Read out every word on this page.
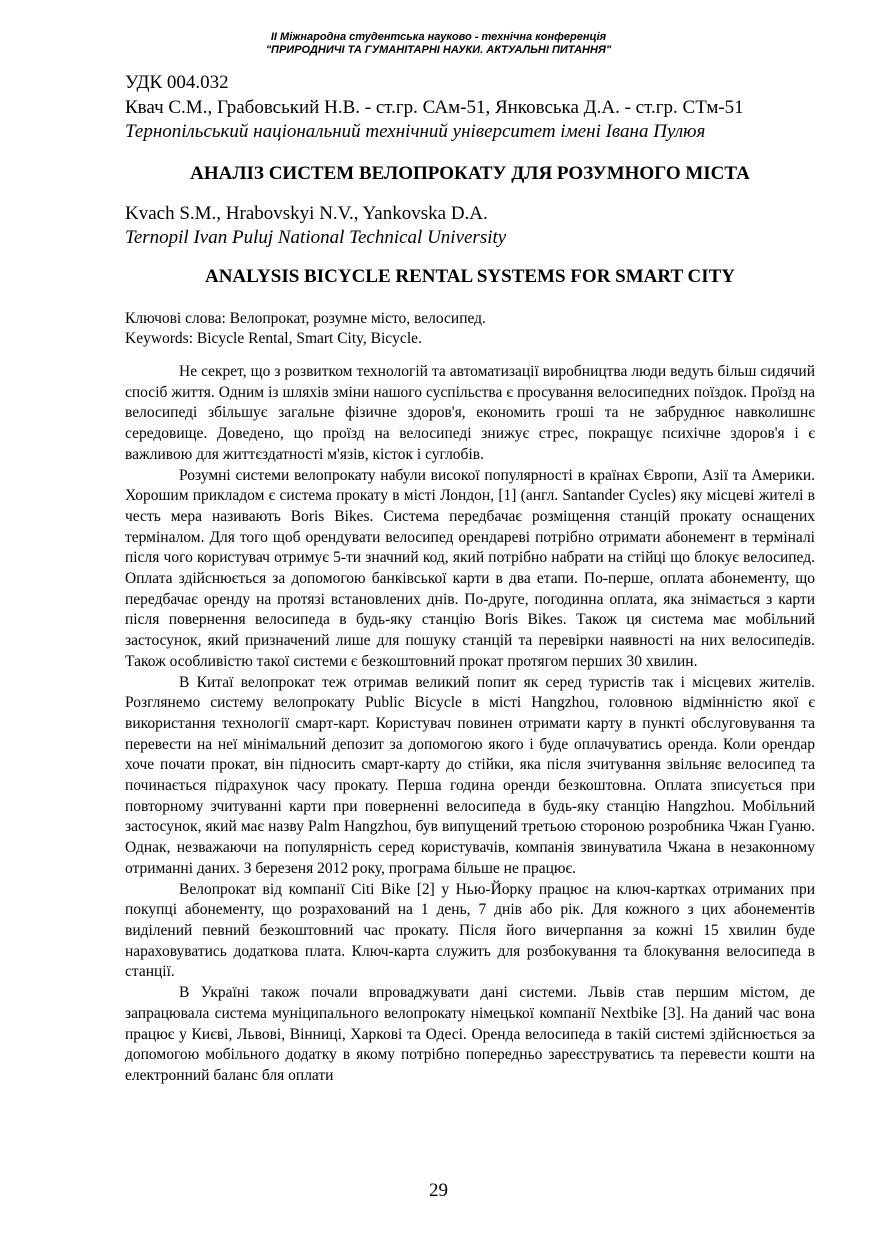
ІІ Міжнародна студентська науково - технічна конференція
"ПРИРОДНИЧІ ТА ГУМАНІТАРНІ НАУКИ. АКТУАЛЬНІ ПИТАННЯ"
УДК 004.032
Квач С.М., Грабовський Н.В. - ст.гр. САм-51, Янковська Д.А. - ст.гр. СТм-51
Тернопільський національний технічний університет імені Івана Пулюя
АНАЛІЗ СИСТЕМ ВЕЛОПРОКАТУ ДЛЯ РОЗУМНОГО МІСТА
Kvach S.M., Hrabovskyi N.V., Yankovska D.A.
Ternopil Ivan Puluj National Technical University
ANALYSIS BICYCLE RENTAL SYSTEMS FOR SMART CITY
Ключові слова: Велопрокат, розумне місто, велосипед.
Keywords: Bicycle Rental, Smart City, Bicycle.

Не секрет, що з розвитком технологій та автоматизації виробництва люди ведуть більш сидячий спосіб життя. Одним із шляхів зміни нашого суспільства є просування велосипедних поїздок. Проїзд на велосипеді збільшує загальне фізичне здоров'я, економить гроші та не забруднює навколишнє середовище. Доведено, що проїзд на велосипеді знижує стрес, покращує психічне здоров'я і є важливою для життєздатності м'язів, кісток і суглобів.

Розумні системи велопрокату набули високої популярності в країнах Європи, Азії та Америки. Хорошим прикладом є система прокату в місті Лондон, [1] (англ. Santander Cycles) яку місцеві жителі в честь мера називають Boris Bikes. Система передбачає розміщення станцій прокату оснащених терміналом. Для того щоб орендувати велосипед орендареві потрібно отримати абонемент в терміналі після чого користувач отримує 5-ти значний код, який потрібно набрати на стійці що блокує велосипед. Оплата здійснюється за допомогою банківської карти в два етапи. По-перше, оплата абонементу, що передбачає оренду на протязі встановлених днів. По-друге, погодинна оплата, яка знімається з карти після повернення велосипеда в будь-яку станцію Boris Bikes. Також ця система має мобільний застосунок, який призначений лише для пошуку станцій та перевірки наявності на них велосипедів. Також особливістю такої системи є безкоштовний прокат протягом перших 30 хвилин.

В Китаї велопрокат теж отримав великий попит як серед туристів так і місцевих жителів. Розглянемо систему велопрокату Public Bicycle в місті Hangzhou, головною відмінністю якої є використання технології смарт-карт. Користувач повинен отримати карту в пункті обслуговування та перевести на неї мінімальний депозит за допомогою якого і буде оплачуватись оренда. Коли орендар хоче почати прокат, він підносить смарт-карту до стійки, яка після зчитування звільняє велосипед та починається підрахунок часу прокату. Перша година оренди безкоштовна. Оплата зписується при повторному зчитуванні карти при поверненні велосипеда в будь-яку станцію Hangzhou. Мобільний застосунок, який має назву Palm Hangzhou, був випущений третьою стороною розробника Чжан Гуаню. Однак, незважаючи на популярність серед користувачів, компанія звинуватила Чжана в незаконному отриманні даних. З березеня 2012 року, програма більше не працює.

Велопрокат від компанії Citi Bike [2] у Нью-Йорку працює на ключ-картках отриманих при покупці абонементу, що розрахований на 1 день, 7 днів або рік. Для кожного з цих абонементів виділений певний безкоштовний час прокату. Після його вичерпання за кожні 15 хвилин буде нараховуватись додаткова плата. Ключ-карта служить для розбокування та блокування велосипеда в станції.

В Україні також почали впроваджувати дані системи. Львів став першим містом, де запрацювала система муніципального велопрокату німецької компанії Nextbike [3]. На даний час вона працює у Києві, Львові, Вінниці, Харкові та Одесі. Оренда велосипеда в такій системі здійснюється за допомогою мобільного додатку в якому потрібно попередньо зареєструватись та перевести кошти на електронний баланс бля оплати

29
